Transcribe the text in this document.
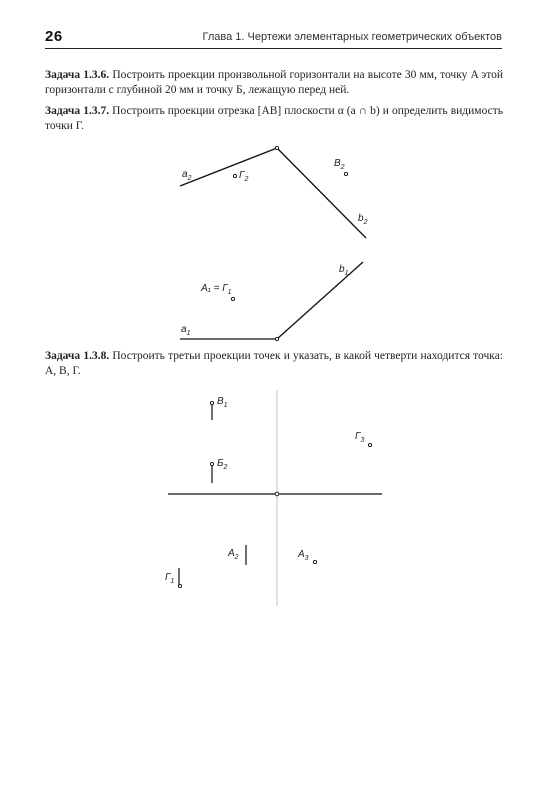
26	Глава 1. Чертежи элементарных геометрических объектов
Задача 1.3.6. Построить проекции произвольной горизонтали на высоте 30 мм, точку A этой горизонтали с глубиной 20 мм и точку Б, лежащую перед ней.
Задача 1.3.7. Построить проекции отрезка [AB] плоскости α (a ∩ b) и определить видимость точки Г.
$a_2$	$Г_2$
$B_2$
$b_2$
$b_1$
$A_1 = Г_1$
$a_1$
Задача 1.3.8. Построить третьи проекции точек и указать, в какой четверти находится точка: A, B, Г.
$B_1$
$Г_3$
$Б_2$
$A_2$	$A_3$
$Г_1$
